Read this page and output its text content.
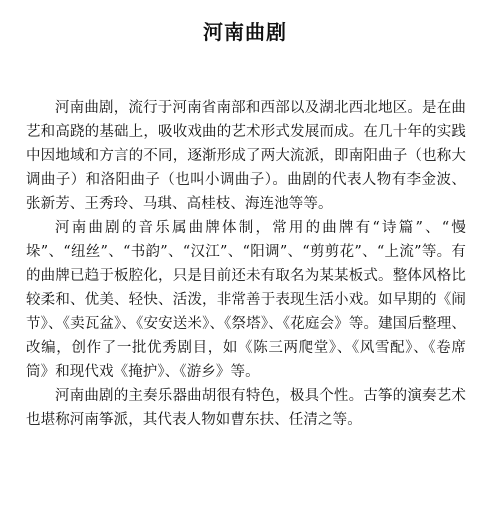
河南曲剧

河南曲剧，流行于河南省南部和西部以及湖北西北地区。是在曲艺和高跷的基础上，吸收戏曲的艺术形式发展而成。在几十年的实践中因地域和方言的不同，逐渐形成了两大流派，即南阳曲子（也称大调曲子）和洛阳曲子（也叫小调曲子）。曲剧的代表人物有李金波、张新芳、王秀玲、马琪、高桂枝、海连池等等。

河南曲剧的音乐属曲牌体制，常用的曲牌有“诗篇”、“慢垛”、“纽丝”、“书韵”、“汉江”、“阳调”、“剪剪花”、“上流”等。有的曲牌已趋于板腔化，只是目前还未有取名为某某板式。整体风格比较柔和、优美、轻快、活泼，非常善于表现生活小戏。如早期的《闹节》、《卖瓦盆》、《安安送米》、《祭塔》、《花庭会》等。建国后整理、改编，创作了一批优秀剧目，如《陈三两爬堂》、《风雪配》、《卷席筒》和现代戏《掩护》、《游乡》等。

河南曲剧的主奏乐器曲胡很有特色，极具个性。古筝的演奏艺术也堪称河南筝派，其代表人物如曹东扶、任清之等。
